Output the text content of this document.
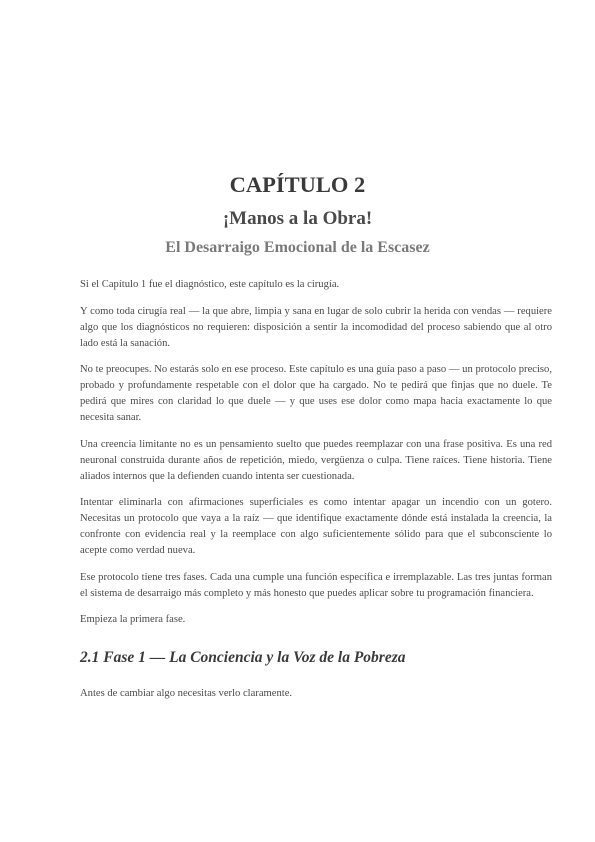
CAPÍTULO 2
¡Manos a la Obra!
El Desarraigo Emocional de la Escasez

Si el Capítulo 1 fue el diagnóstico, este capítulo es la cirugía.

Y como toda cirugía real — la que abre, limpia y sana en lugar de solo cubrir la herida con vendas — requiere algo que los diagnósticos no requieren: disposición a sentir la incomodidad del proceso sabiendo que al otro lado está la sanación.

No te preocupes. No estarás solo en ese proceso. Este capítulo es una guía paso a paso — un protocolo preciso, probado y profundamente respetable con el dolor que ha cargado. No te pedirá que finjas que no duele. Te pedirá que mires con claridad lo que duele — y que uses ese dolor como mapa hacia exactamente lo que necesita sanar.

Una creencia limitante no es un pensamiento suelto que puedes reemplazar con una frase positiva. Es una red neuronal construida durante años de repetición, miedo, vergüenza o culpa. Tiene raíces. Tiene historia. Tiene aliados internos que la defienden cuando intenta ser cuestionada.

Intentar eliminarla con afirmaciones superficiales es como intentar apagar un incendio con un gotero. Necesitas un protocolo que vaya a la raíz — que identifique exactamente dónde está instalada la creencia, la confronte con evidencia real y la reemplace con algo suficientemente sólido para que el subconsciente lo acepte como verdad nueva.

Ese protocolo tiene tres fases. Cada una cumple una función específica e irremplazable. Las tres juntas forman el sistema de desarraigo más completo y más honesto que puedes aplicar sobre tu programación financiera.

Empieza la primera fase.

2.1 Fase 1 — La Conciencia y la Voz de la Pobreza

Antes de cambiar algo necesitas verlo claramente.
